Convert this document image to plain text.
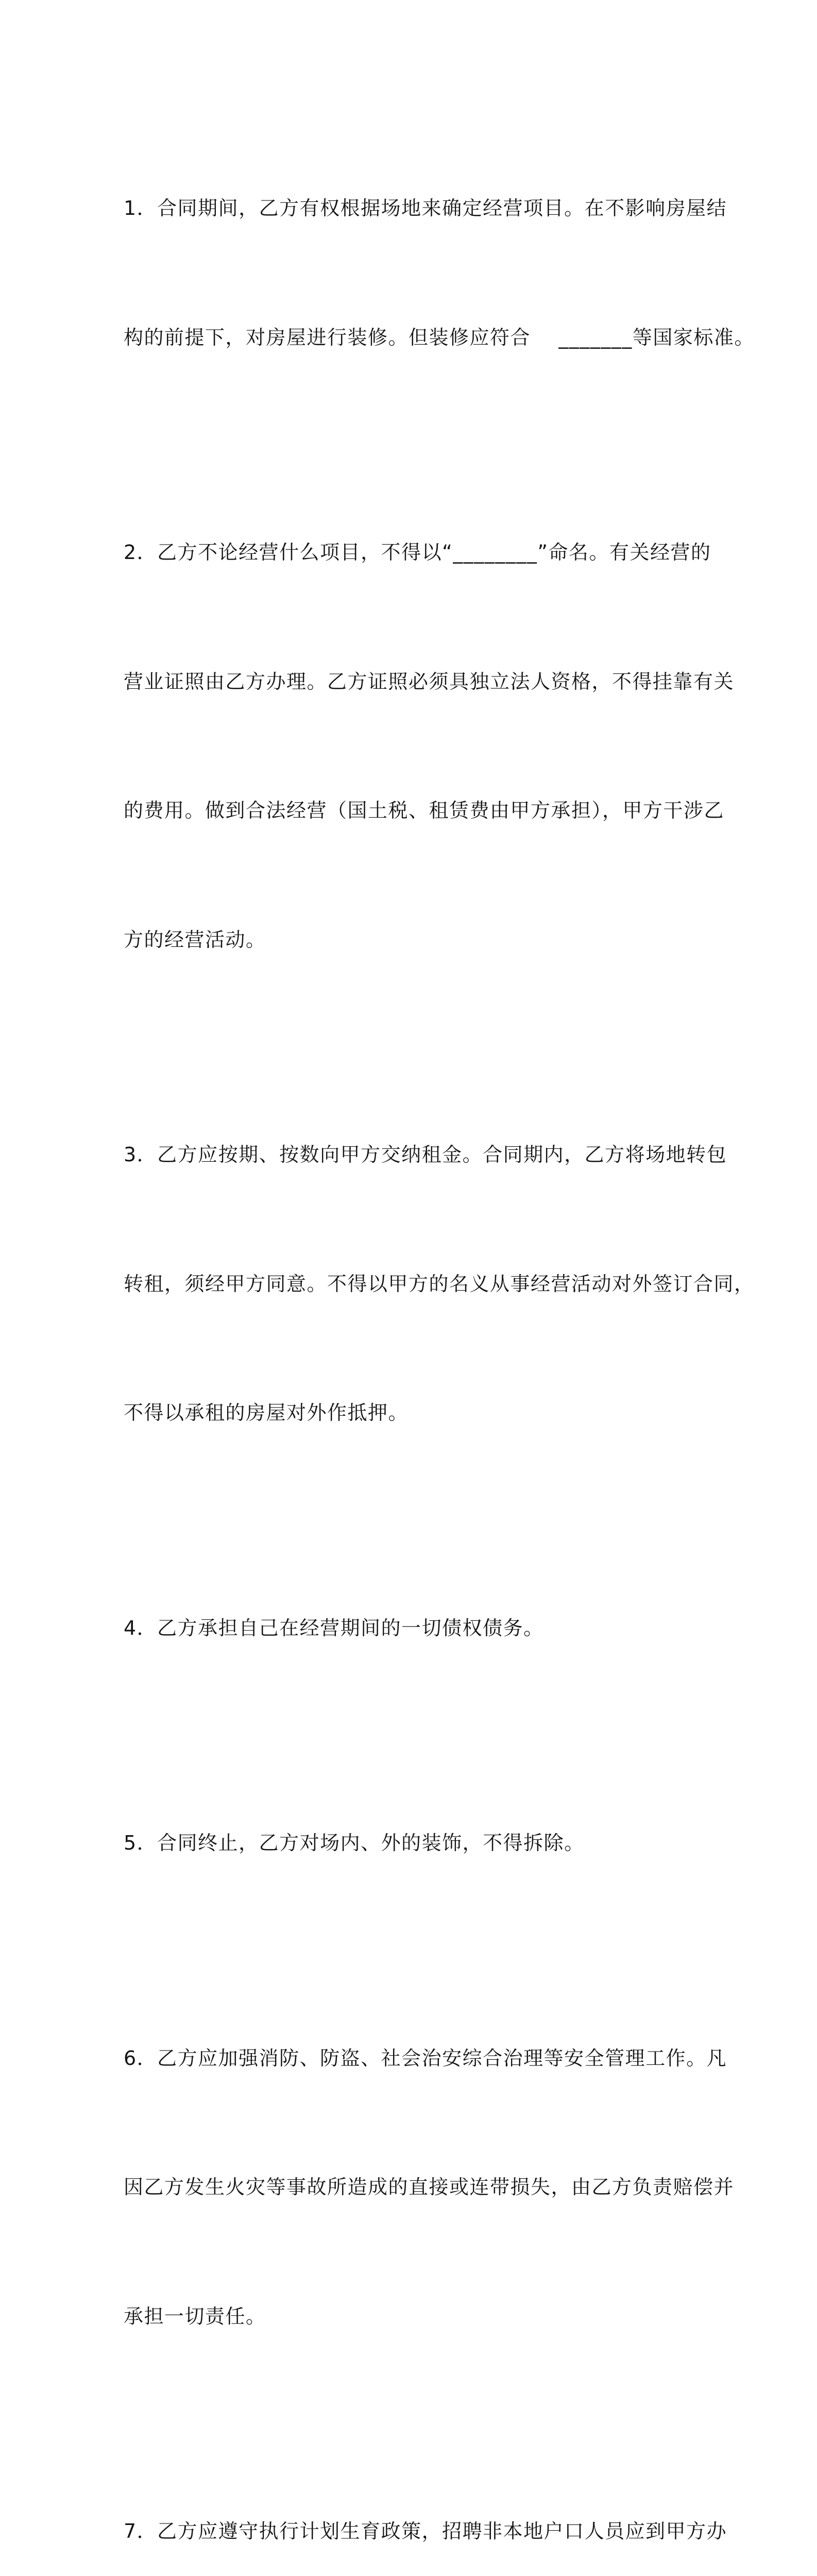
1．合同期间，乙方有权根据场地来确定经营项目。在不影响房屋结

构的前提下，对房屋进行装修。但装修应符合    _______等国家标准。

2．乙方不论经营什么项目，不得以“________”命名。有关经营的

营业证照由乙方办理。乙方证照必须具独立法人资格，不得挂靠有关

的费用。做到合法经营（国土税、租赁费由甲方承担），甲方干涉乙

方的经营活动。

3．乙方应按期、按数向甲方交纳租金。合同期内，乙方将场地转包

转租，须经甲方同意。不得以甲方的名义从事经营活动对外签订合同，

不得以承租的房屋对外作抵押。

4．乙方承担自己在经营期间的一切债权债务。

5．合同终止，乙方对场内、外的装饰，不得拆除。

6．乙方应加强消防、防盗、社会治安综合治理等安全管理工作。凡

因乙方发生火灾等事故所造成的直接或连带损失，由乙方负责赔偿并

承担一切责任。

7．乙方应遵守执行计划生育政策，招聘非本地户口人员应到甲方办
